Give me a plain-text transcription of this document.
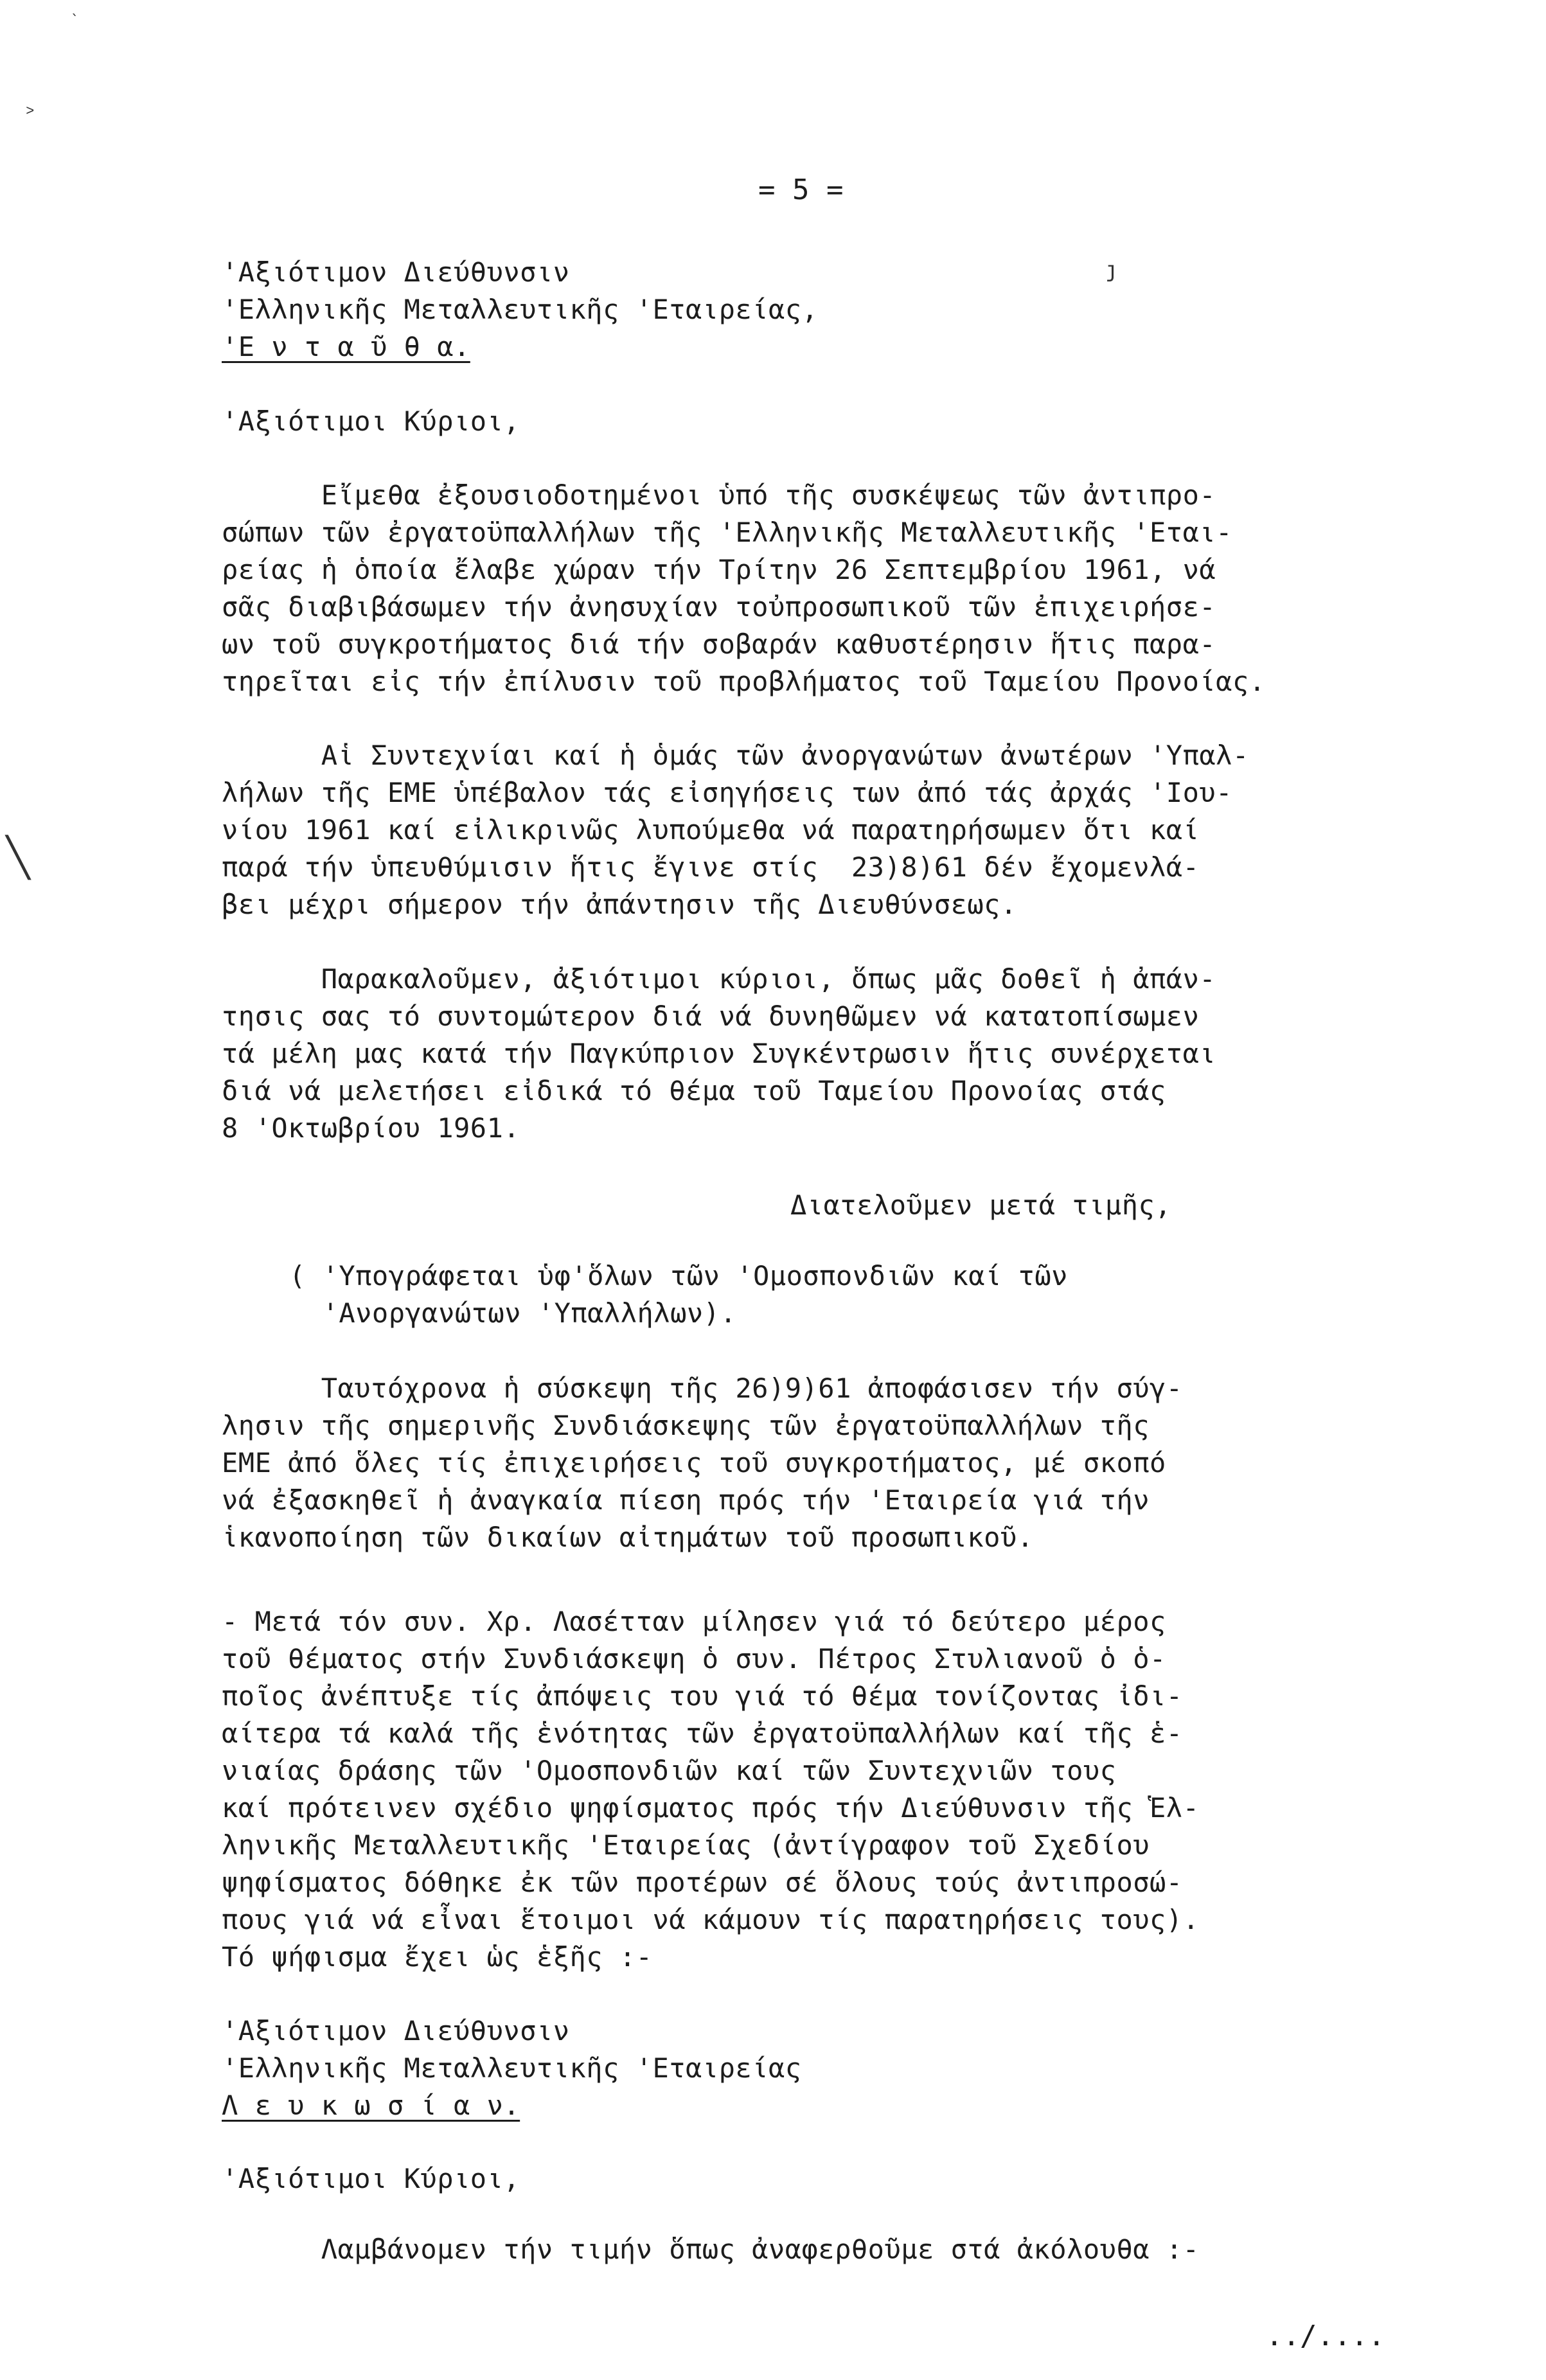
= 5 =
'Αξιότιμον Διεύθυνσιν
'Ελληνικῆς Μεταλλευτικῆς 'Εταιρείας,
'Ε ν τ α ῦ θ α.
ȷ
'Αξιότιμοι Κύριοι,
Εἴμεθα ἐξουσιοδοτημένοι ὑπό τῆς συσκέψεως τῶν ἀντιπρο-
σώπων τῶν ἐργατοϋπαλλήλων τῆς 'Ελληνικῆς Μεταλλευτικῆς 'Εται-
ρείας ἡ ὁποία ἔλαβε χώραν τήν Τρίτην 26 Σεπτεμβρίου 1961, νά
σᾶς διαβιβάσωμεν τήν ἀνησυχίαν τοὐπροσωπικοῦ τῶν ἐπιχειρήσε-
ων τοῦ συγκροτήματος διά τήν σοβαράν καθυστέρησιν ἥτις παρα-
τηρεῖται εἰς τήν ἐπίλυσιν τοῦ προβλήματος τοῦ Ταμείου Προνοίας.
Αἱ Συντεχνίαι καί ἡ ὁμάς τῶν ἀνοργανώτων ἀνωτέρων 'Υπαλ-
λήλων τῆς ΕΜΕ ὑπέβαλον τάς εἰσηγήσεις των ἀπό τάς ἀρχάς 'Ιου-
νίου 1961 καί εἰλικρινῶς λυπούμεθα νά παρατηρήσωμεν ὅτι καί
παρά τήν ὑπευθύμισιν ἥτις ἔγινε στίς  23)8)61 δέν ἔχομενλά-
βει μέχρι σήμερον τήν ἀπάντησιν τῆς Διευθύνσεως.
╲
Παρακαλοῦμεν, ἀξιότιμοι κύριοι, ὅπως μᾶς δοθεῖ ἡ ἀπάν-
τησις σας τό συντομώτερον διά νά δυνηθῶμεν νά κατατοπίσωμεν
τά μέλη μας κατά τήν Παγκύπριον Συγκέντρωσιν ἥτις συνέρχεται
διά νά μελετήσει εἰδικά τό θέμα τοῦ Ταμείου Προνοίας στάς
8 'Οκτωβρίου 1961.
Διατελοῦμεν μετά τιμῆς,
( 'Υπογράφεται ὑφ'ὅλων τῶν 'Ομοσπονδιῶν καί τῶν
'Ανοργανώτων 'Υπαλλήλων).
Ταυτόχρονα ἡ σύσκεψη τῆς 26)9)61 ἀποφάσισεν τήν σύγ-
λησιν τῆς σημερινῆς Συνδιάσκεψης τῶν ἐργατοϋπαλλήλων τῆς
ΕΜΕ ἀπό ὅλες τίς ἐπιχειρήσεις τοῦ συγκροτήματος, μέ σκοπό
νά ἐξασκηθεῖ ἡ ἀναγκαία πίεση πρός τήν 'Εταιρεία γιά τήν
ἱκανοποίηση τῶν δικαίων αἰτημάτων τοῦ προσωπικοῦ.
- Μετά τόν συν. Χρ. Λασέτταν μίλησεν γιά τό δεύτερο μέρος
τοῦ θέματος στήν Συνδιάσκεψη ὁ συν. Πέτρος Στυλιανοῦ ὁ ὁ-
ποῖος ἀνέπτυξε τίς ἀπόψεις του γιά τό θέμα τονίζοντας ἰδι-
αίτερα τά καλά τῆς ἑνότητας τῶν ἐργατοϋπαλλήλων καί τῆς ἑ-
νιαίας δράσης τῶν 'Ομοσπονδιῶν καί τῶν Συντεχνιῶν τους
καί πρότεινεν σχέδιο ψηφίσματος πρός τήν Διεύθυνσιν τῆς Ἑλ-
ληνικῆς Μεταλλευτικῆς 'Εταιρείας (ἀντίγραφον τοῦ Σχεδίου
ψηφίσματος δόθηκε ἐκ τῶν προτέρων σέ ὅλους τούς ἀντιπροσώ-
πους γιά νά εἶναι ἕτοιμοι νά κάμουν τίς παρατηρήσεις τους).
Τό ψήφισμα ἔχει ὡς ἑξῆς :-
'Αξιότιμον Διεύθυνσιν
'Ελληνικῆς Μεταλλευτικῆς 'Εταιρείας
Λ ε υ κ ω σ ί α ν.
'Αξιότιμοι Κύριοι,
Λαμβάνομεν τήν τιμήν ὅπως ἀναφερθοῦμε στά ἀκόλουθα :-
../....
`
˃
